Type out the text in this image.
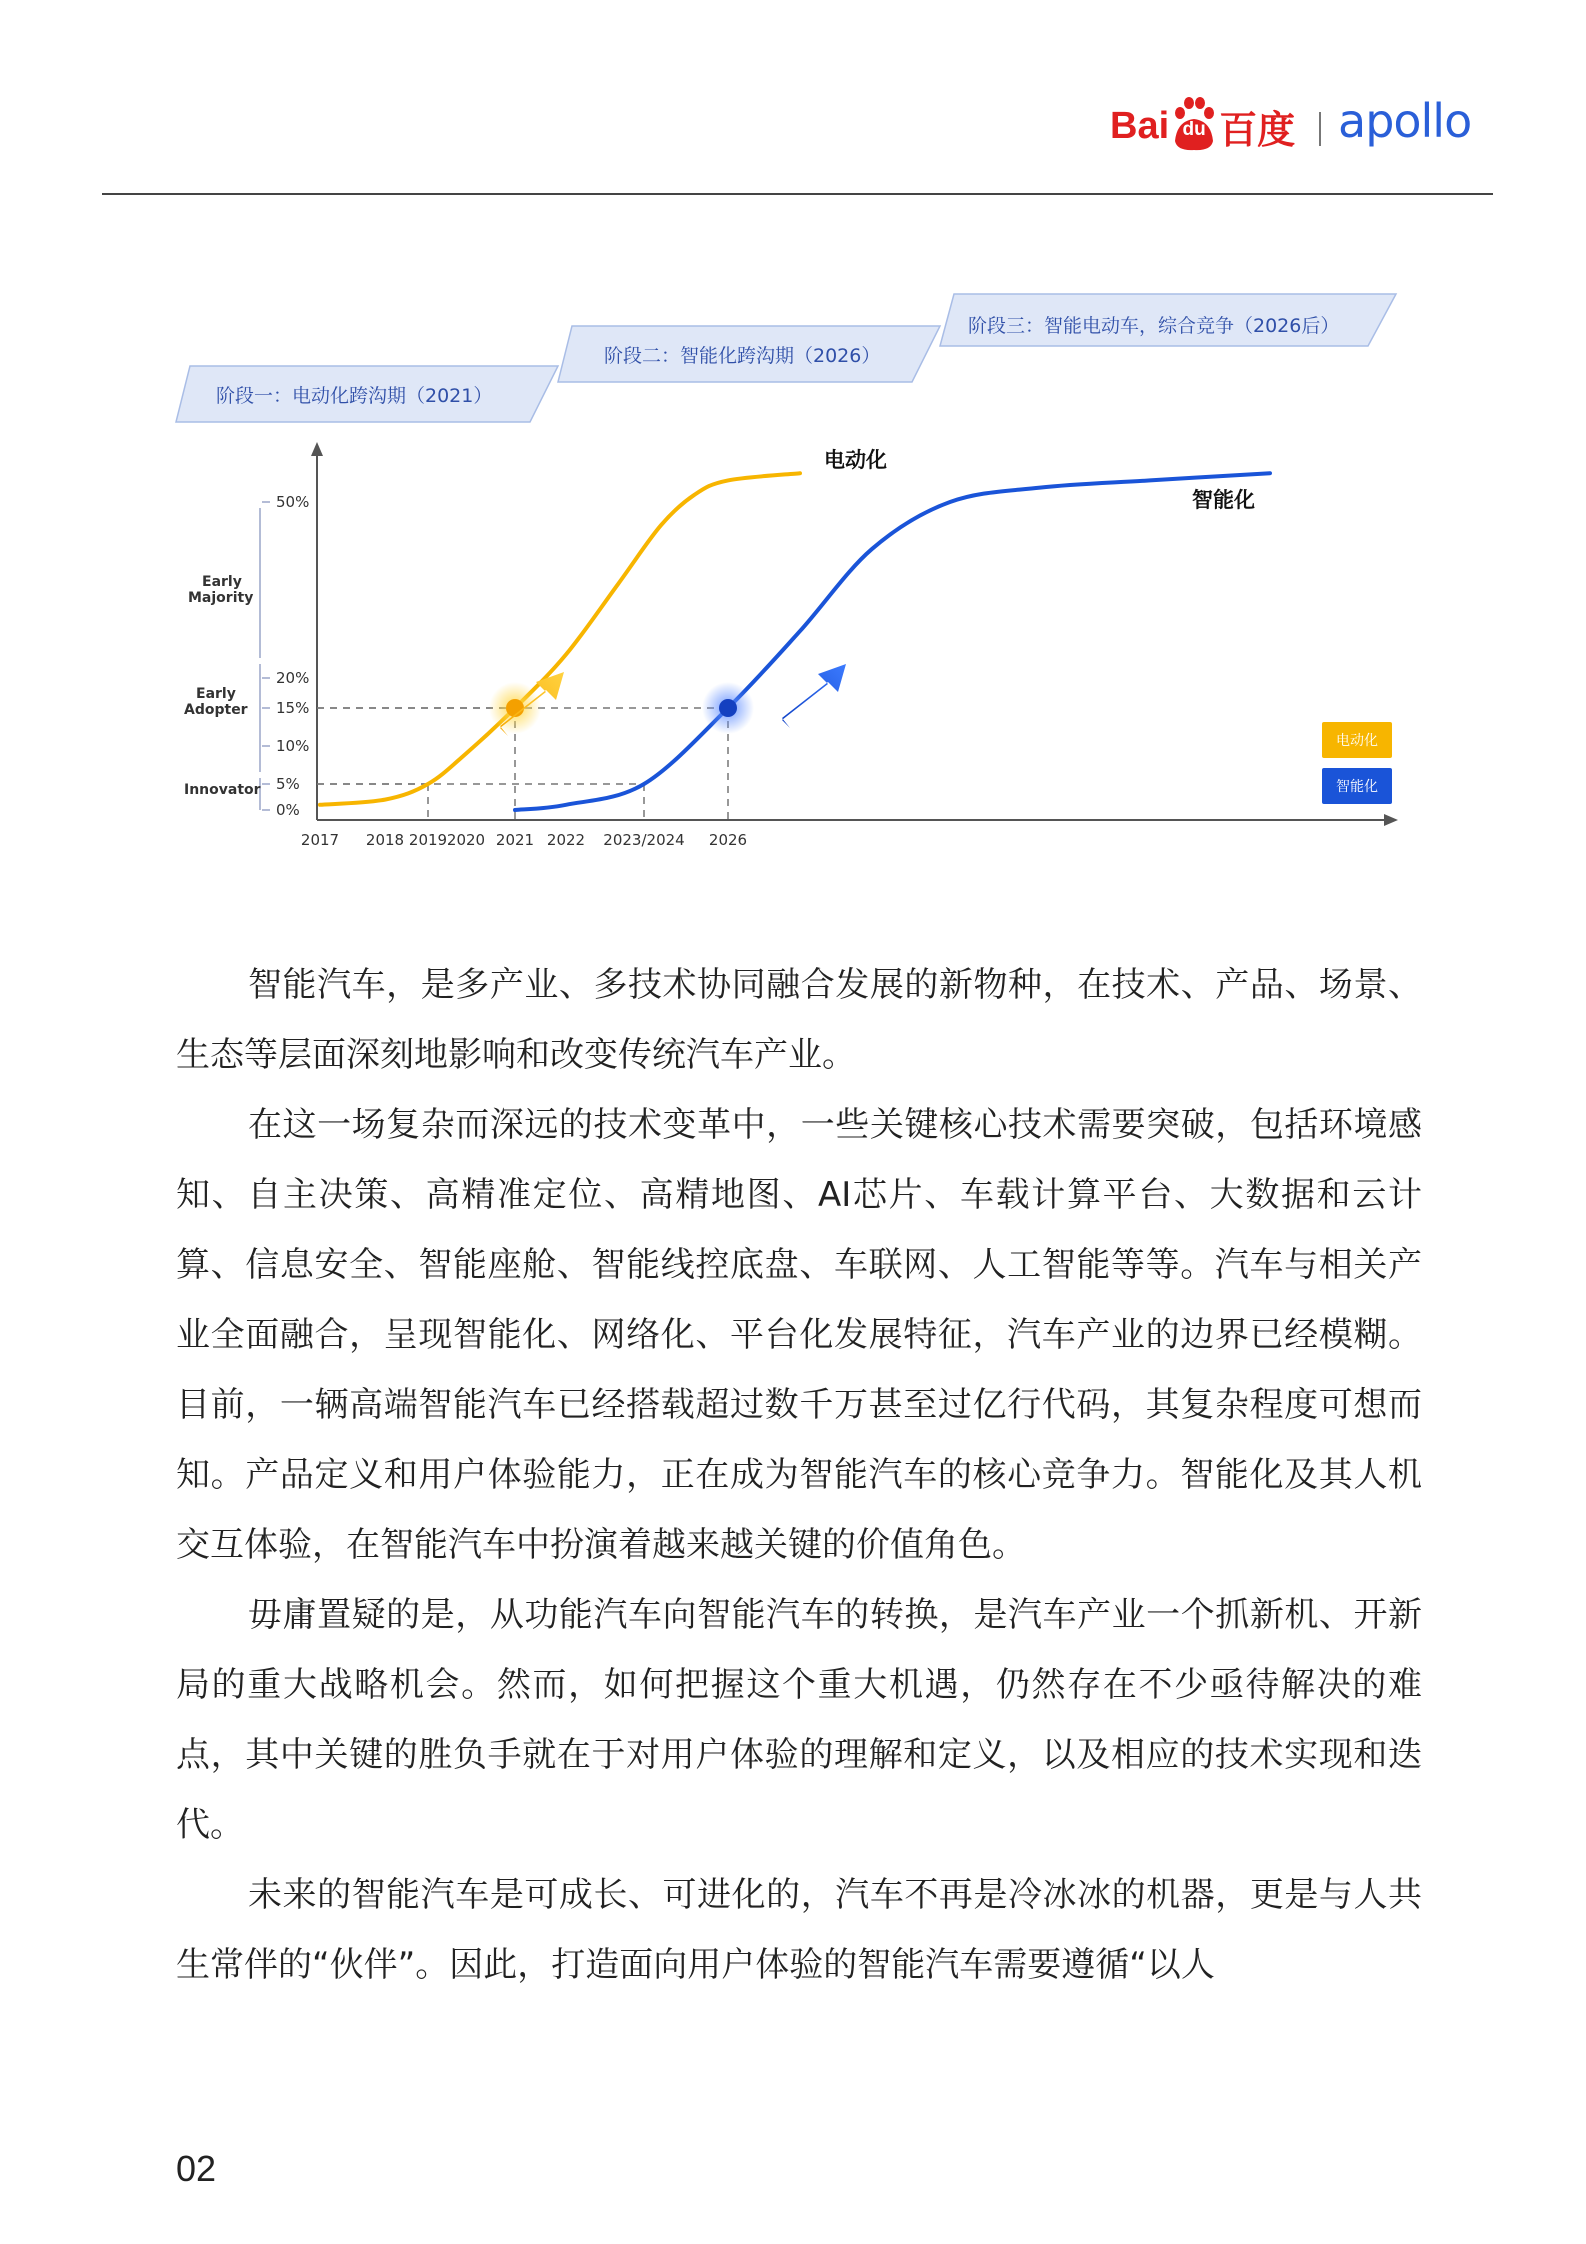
Bai du 百度 apollo
阶段一：电动化跨沟期（2021）
阶段二：智能化跨沟期（2026）
阶段三：智能电动车，综合竞争（2026后）
Innovator
Early Adopter
Early Majority
0%
5%
10%
15%
20%
50%
2017 2018 2019 2020 2021 2022 2023/2024 2026
电动化
智能化
电动化
智能化

智能汽车，是多产业、多技术协同融合发展的新物种，在技术、产品、场景、生态等层面深刻地影响和改变传统汽车产业。

在这一场复杂而深远的技术变革中，一些关键核心技术需要突破，包括环境感知、自主决策、高精准定位、高精地图、AI芯片、车载计算平台、大数据和云计算、信息安全、智能座舱、智能线控底盘、车联网、人工智能等等。汽车与相关产业全面融合，呈现智能化、网络化、平台化发展特征，汽车产业的边界已经模糊。目前，一辆高端智能汽车已经搭载超过数千万甚至过亿行代码，其复杂程度可想而知。产品定义和用户体验能力，正在成为智能汽车的核心竞争力。智能化及其人机交互体验，在智能汽车中扮演着越来越关键的价值角色。

毋庸置疑的是，从功能汽车向智能汽车的转换，是汽车产业一个抓新机、开新局的重大战略机会。然而，如何把握这个重大机遇，仍然存在不少亟待解决的难点，其中关键的胜负手就在于对用户体验的理解和定义，以及相应的技术实现和迭代。

未来的智能汽车是可成长、可进化的，汽车不再是冷冰冰的机器，更是与人共生常伴的“伙伴”。因此，打造面向用户体验的智能汽车需要遵循“以人

02
